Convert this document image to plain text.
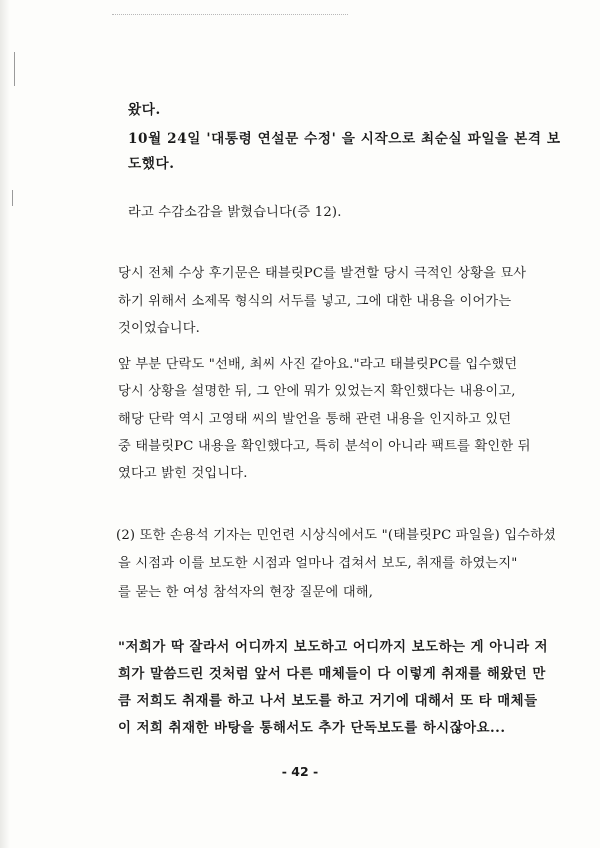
왔다.
10월 24일 '대통령 연설문 수정' 을 시작으로 최순실 파일을 본격 보
도했다.
라고 수감소감을 밝혔습니다(증 12).
당시 전체 수상 후기문은 태블릿PC를 발견할 당시 극적인 상황을 묘사
하기 위해서 소제목 형식의 서두를 넣고, 그에 대한 내용을 이어가는
것이었습니다.
앞 부분 단락도 "선배, 최씨 사진 같아요."라고 태블릿PC를 입수했던
당시 상황을 설명한 뒤, 그 안에 뭐가 있었는지 확인했다는 내용이고,
해당 단락 역시 고영태 씨의 발언을 통해 관련 내용을 인지하고 있던
중 태블릿PC 내용을 확인했다고, 특히 분석이 아니라 팩트를 확인한 뒤
였다고 밝힌 것입니다.
(2) 또한 손용석 기자는 민언련 시상식에서도 "(태블릿PC 파일을) 입수하셨
을 시점과 이를 보도한 시점과 얼마나 겹쳐서 보도, 취재를 하였는지"
를 묻는 한 여성 참석자의 현장 질문에 대해,
"저희가 딱 잘라서 어디까지 보도하고 어디까지 보도하는 게 아니라 저
희가 말씀드린 것처럼 앞서 다른 매체들이 다 이렇게 취재를 해왔던 만
큼 저희도 취재를 하고 나서 보도를 하고 거기에 대해서 또 타 매체들
이 저희 취재한 바탕을 통해서도 추가 단독보도를 하시잖아요...
- 42 -
